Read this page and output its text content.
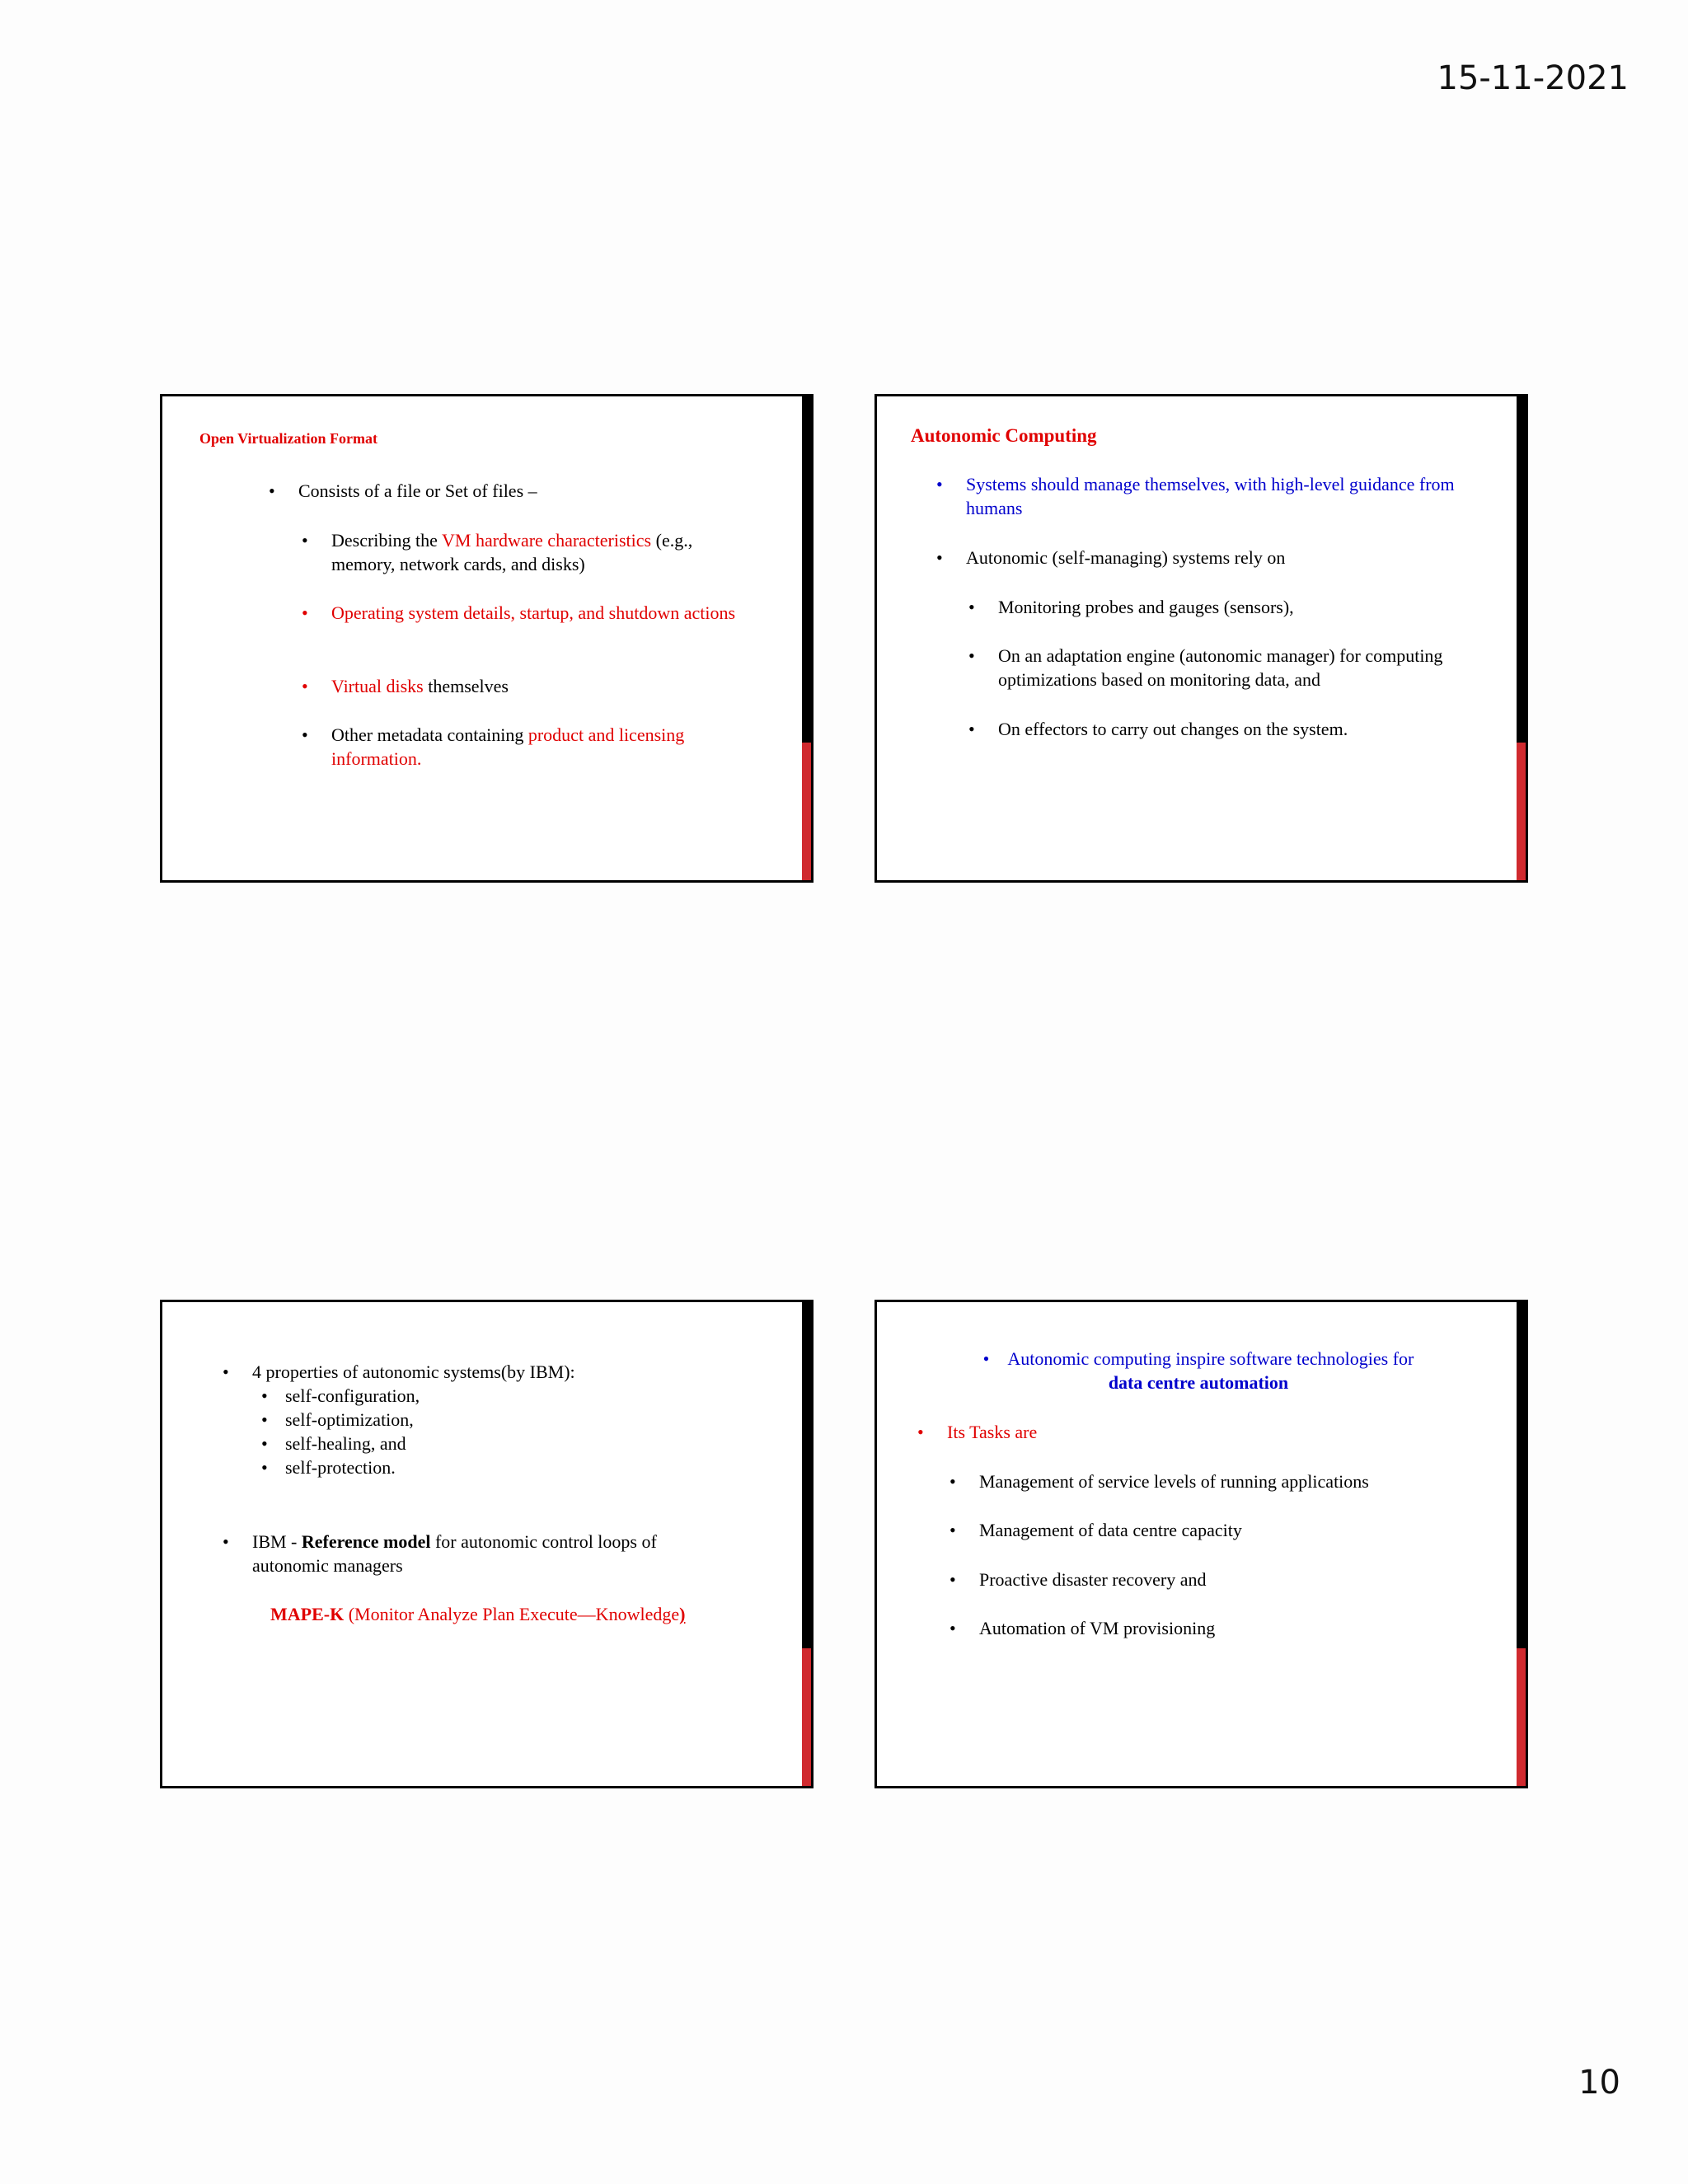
15-11-2021
Open Virtualization Format
• Consists of a file or Set of files –
• Describing the VM hardware characteristics (e.g., memory, network cards, and disks)
• Operating system details, startup, and shutdown actions
• Virtual disks themselves
• Other metadata containing product and licensing information.
Autonomic Computing
• Systems should manage themselves, with high-level guidance from humans
• Autonomic (self-managing) systems rely on
• Monitoring probes and gauges (sensors),
• On an adaptation engine (autonomic manager) for computing optimizations based on monitoring data, and
• On effectors to carry out changes on the system.
• 4 properties of autonomic systems(by IBM):
• self-configuration,
• self-optimization,
• self-healing, and
• self-protection.
• IBM - Reference model for autonomic control loops of autonomic managers
MAPE-K (Monitor Analyze Plan Execute—Knowledge)
• Autonomic computing inspire software technologies for
data centre automation
• Its Tasks are
• Management of service levels of running applications
• Management of data centre capacity
• Proactive disaster recovery and
• Automation of VM provisioning
10
